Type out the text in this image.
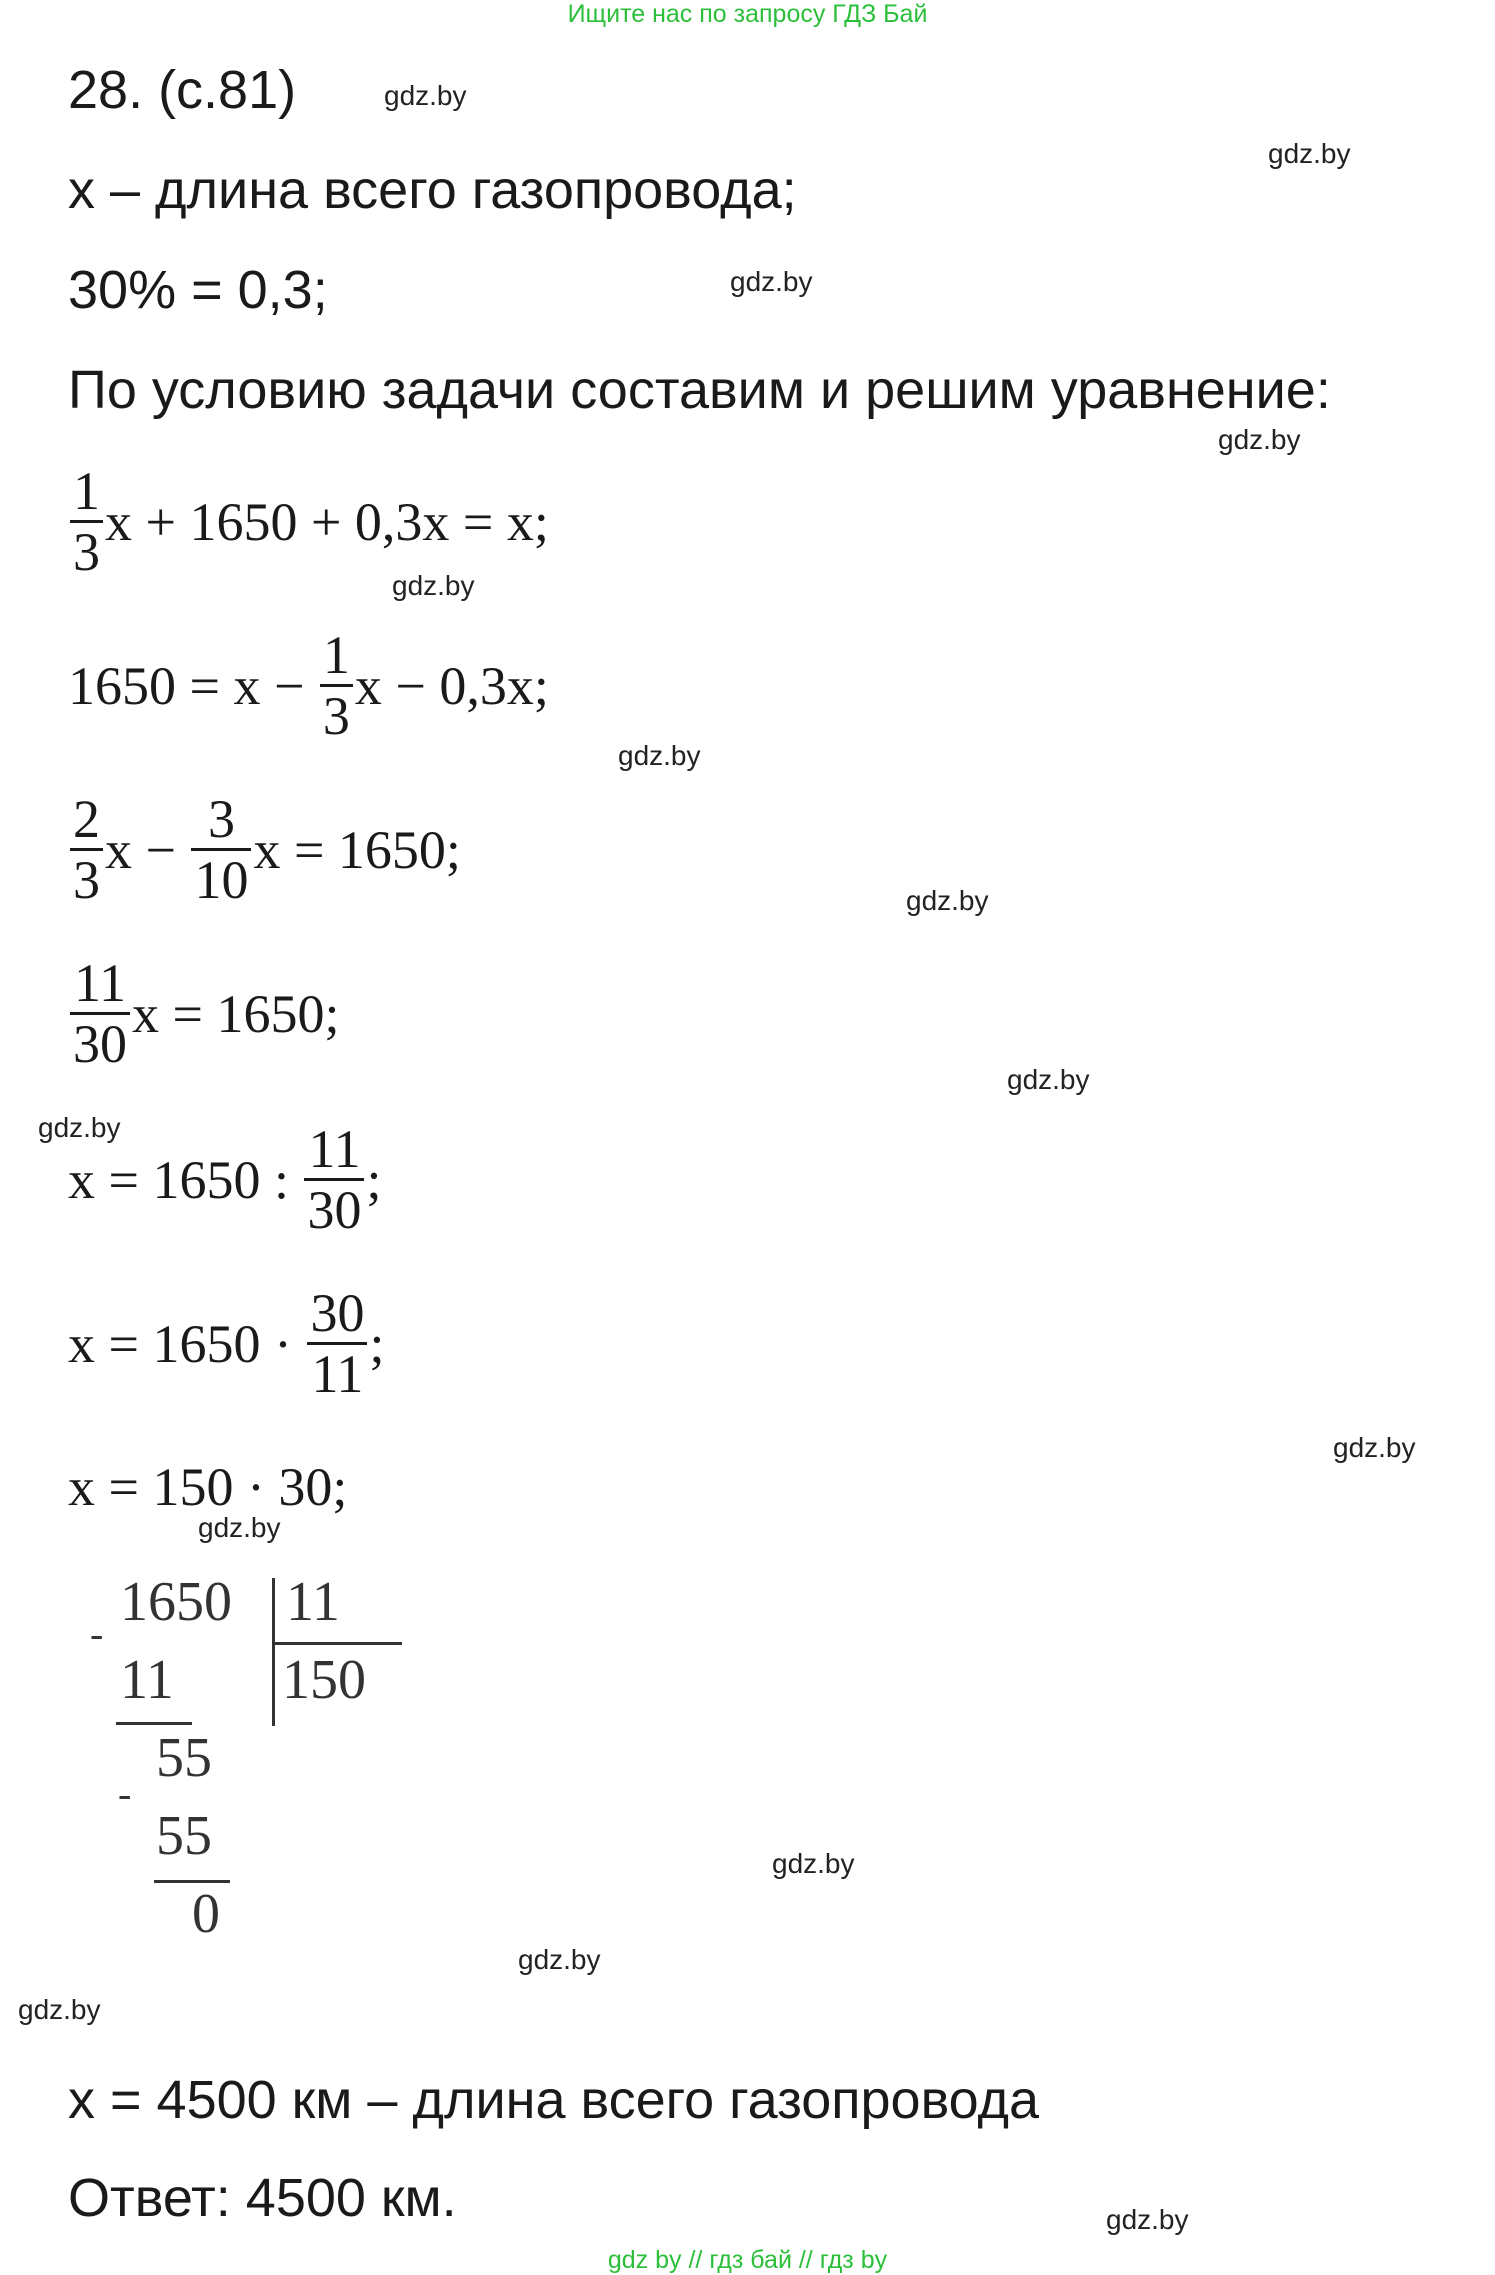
Ищите нас по запросу ГДЗ Бай
28. (с.81)	gdz.by
gdz.by
x – длина всего газопровода;
30% = 0,3;	gdz.by
По условию задачи составим и решим уравнение:
gdz.by
$\frac{1}{3}$ x + 1650 + 0,3x = x;
gdz.by
$1650 = x - \frac{1}{3}$ x − 0,3x;
gdz.by
$\frac{2}{3}$ $x - \frac{3}{10}$ x = 1650;
gdz.by
$\frac{11}{30}$ x = 1650;
gdz.by
gdz.by
x = 1650 : $\frac{11}{30}$ ;
$x = 1650 \cdot \frac{30}{11}$ ;
gdz.by
x = 150 · 30;
gdz.by
1650 11
150
-
11
55
-
55
0
gdz.by
gdz.by
gdz.by
x = 4500 км – длина всего газопровода
Ответ: 4500 км.	gdz.by
gdz by // гдз бай // гдз by
